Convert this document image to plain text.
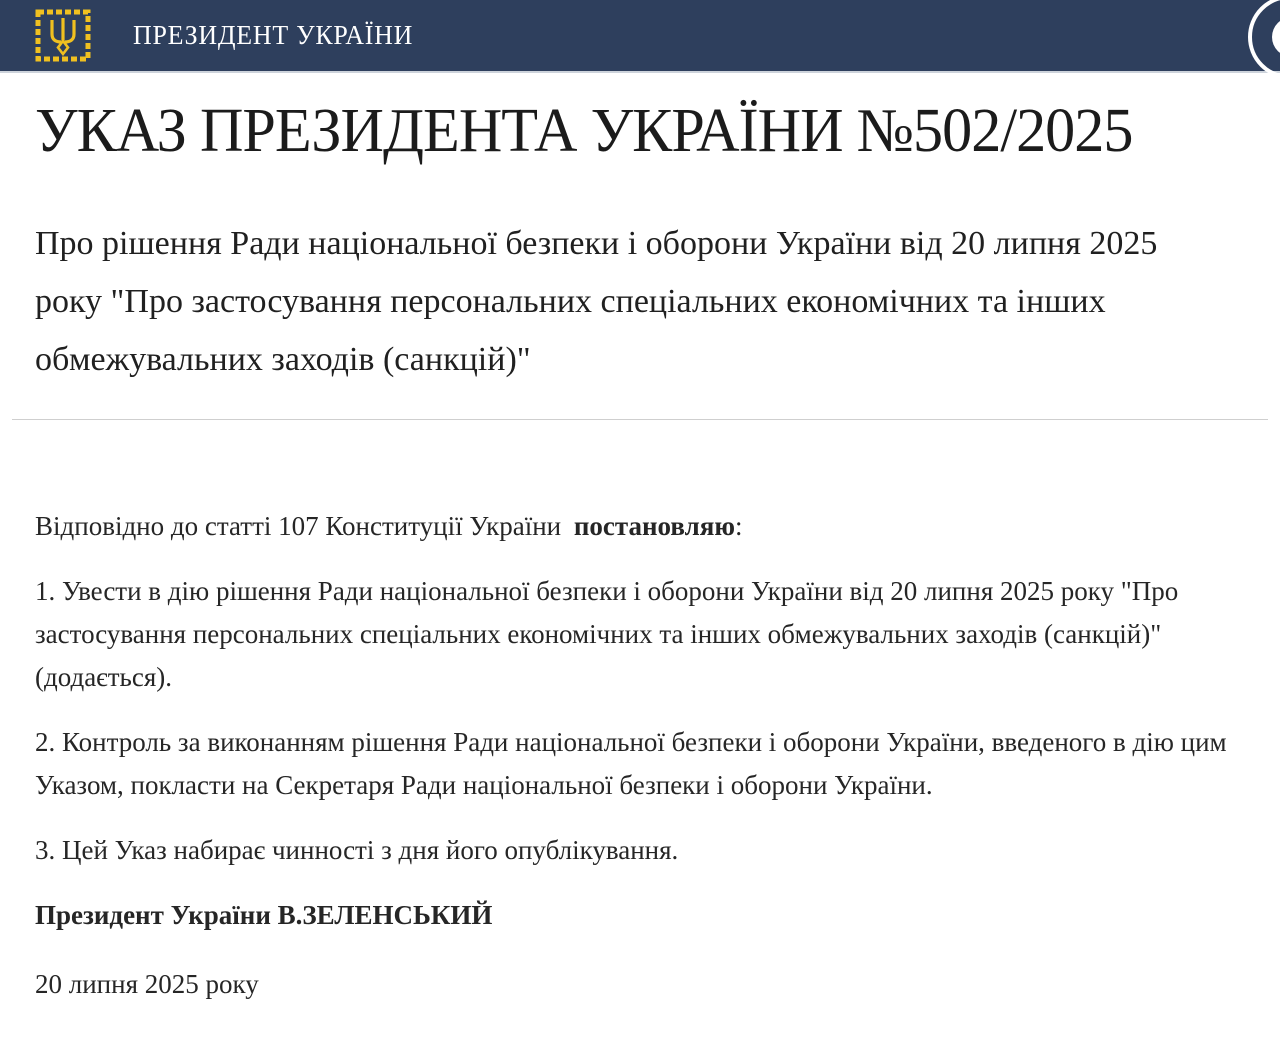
ПРЕЗИДЕНТ УКРАЇНИ
УКАЗ ПРЕЗИДЕНТА УКРАЇНИ №502/2025

Про рішення Ради національної безпеки і оборони України від 20 липня 2025 року "Про застосування персональних спеціальних економічних та інших обмежувальних заходів (санкцій)"

Відповідно до статті 107 Конституції України постановляю:

1. Увести в дію рішення Ради національної безпеки і оборони України від 20 липня 2025 року "Про застосування персональних спеціальних економічних та інших обмежувальних заходів (санкцій)" (додається).

2. Контроль за виконанням рішення Ради національної безпеки і оборони України, введеного в дію цим Указом, покласти на Секретаря Ради національної безпеки і оборони України.

3. Цей Указ набирає чинності з дня його опублікування.

Президент України В.ЗЕЛЕНСЬКИЙ

20 липня 2025 року
